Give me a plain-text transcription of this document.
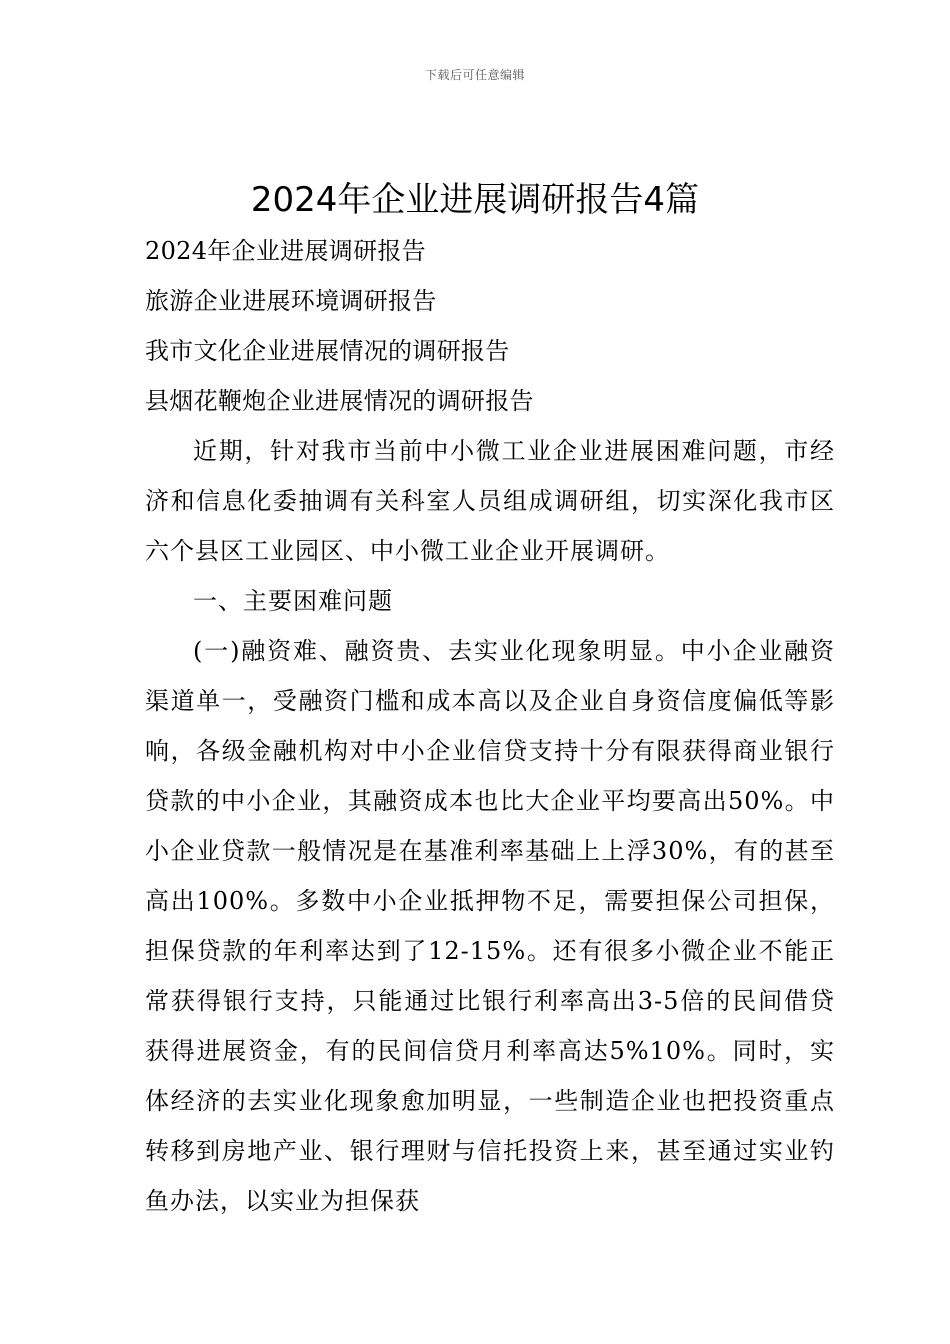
下载后可任意编辑
2024年企业进展调研报告4篇

2024年企业进展调研报告

旅游企业进展环境调研报告

我市文化企业进展情况的调研报告

县烟花鞭炮企业进展情况的调研报告

近期，针对我市当前中小微工业企业进展困难问题，市经济和信息化委抽调有关科室人员组成调研组，切实深化我市区六个县区工业园区、中小微工业企业开展调研。

一、主要困难问题

(一)融资难、融资贵、去实业化现象明显。中小企业融资渠道单一，受融资门槛和成本高以及企业自身资信度偏低等影响，各级金融机构对中小企业信贷支持十分有限获得商业银行贷款的中小企业，其融资成本也比大企业平均要高出50%。中小企业贷款一般情况是在基准利率基础上上浮30%，有的甚至高出100%。多数中小企业抵押物不足，需要担保公司担保，担保贷款的年利率达到了12-15%。还有很多小微企业不能正常获得银行支持，只能通过比银行利率高出3-5倍的民间借贷获得进展资金，有的民间信贷月利率高达5%10%。同时，实体经济的去实业化现象愈加明显，一些制造企业也把投资重点转移到房地产业、银行理财与信托投资上来，甚至通过实业钓鱼办法，以实业为担保获
